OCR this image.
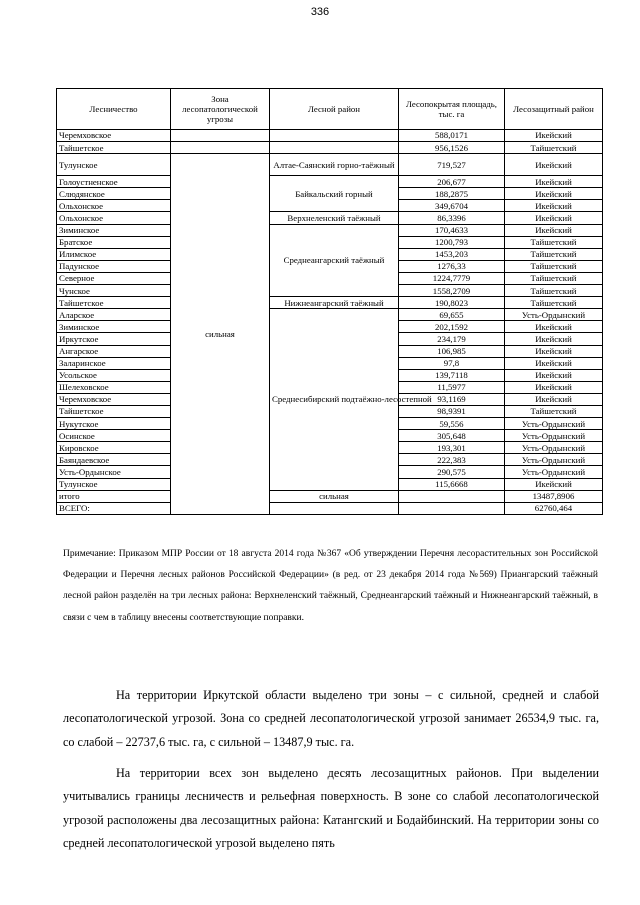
336
Лесничество	Зона лесопатологической угрозы	Лесной район	Лесопокрытая площадь, тыс. га	Лесозащитный район	
Черемховское			588,0171	Икейский	
Тайшетское			956,1526	Тайшетский	
Тулунское	сильная	Алтае-Саянский горно-таёжный	719,527	Икейский	
Голоустненское		Байкальский горный	206,677	Икейский	
Слюдянское			188,2875	Икейский	
Ольхонское			349,6704	Икейский	
Ольхонское		Верхнеленский таёжный	86,3396	Икейский	
Зиминское		Среднеангарский таёжный	170,4633	Икейский	
Братское			1200,793	Тайшетский	
Илимское			1453,203	Тайшетский	
Падунское			1276,33	Тайшетский	
Северное			1224,7779	Тайшетский	
Чунское			1558,2709	Тайшетский	
Тайшетское		Нижнеангарский таёжный	190,8023	Тайшетский	
Аларское		Среднесибирский подтаёжно-лесостепной	69,655	Усть-Ордынский	
Зиминское			202,1592	Икейский	
Иркутское			234,179	Икейский	
Ангарское			106,985	Икейский	
Заларинское			97,8	Икейский	
Усольское			139,7118	Икейский	
Шелеховское			11,5977	Икейский	
Черемховское			93,1169	Икейский	
Тайшетское			98,9391	Тайшетский	
Нукутское			59,556	Усть-Ордынский	
Осинское			305,648	Усть-Ордынский	
Кировское			193,301	Усть-Ордынский	
Баяндаевское			222,383	Усть-Ордынский	
Усть-Ордынское			290,575	Усть-Ордынский	
Тулунское			115,6668	Икейский	
итого		сильная		13487,8906	
ВСЕГО:				62760,464	
Примечание: Приказом МПР России от 18 августа 2014 года №367 «Об утверждении Перечня лесорастительных зон Российской Федерации и Перечня лесных районов Российской Федерации» (в ред. от 23 декабря 2014 года №569) Приангарский таёжный лесной район разделён на три лесных района: Верхнеленский таёжный, Среднеангарский таёжный и Нижнеангарский таёжный, в связи с чем в таблицу внесены соответствующие поправки.
На территории Иркутской области выделено три зоны – с сильной, средней и слабой лесопатологической угрозой. Зона со средней лесопатологической угрозой занимает 26534,9 тыс. га, со слабой – 22737,6 тыс. га, с сильной – 13487,9 тыс. га.
На территории всех зон выделено десять лесозащитных районов. При выделении учитывались границы лесничеств и рельефная поверхность. В зоне со слабой лесопатологической угрозой расположены два лесозащитных района: Катангский и Бодайбинский. На территории зоны со средней лесопатологической угрозой выделено пять
